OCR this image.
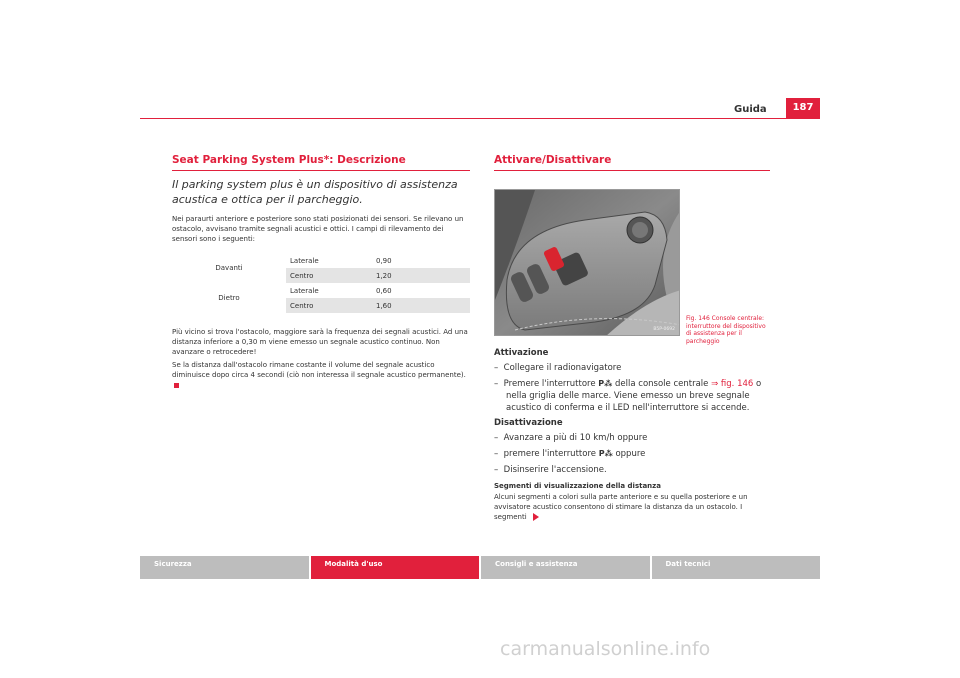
Guida	187
Seat Parking System Plus*: Descrizione
Il parking system plus è un dispositivo di assistenza acustica e ottica per il parcheggio.

Nei paraurti anteriore e posteriore sono stati posizionati dei sensori. Se rilevano un ostacolo, avvisano tramite segnali acustici e ottici. I campi di rilevamento dei sensori sono i seguenti:

Davanti	Laterale	0,90
	Centro	1,20
Dietro	Laterale	0,60
	Centro	1,60

Più vicino si trova l'ostacolo, maggiore sarà la frequenza dei segnali acustici. Ad una distanza inferiore a 0,30 m viene emesso un segnale acustico continuo. Non avanzare o retrocedere!

Se la distanza dall'ostacolo rimane costante il volume del segnale acustico diminuisce dopo circa 4 secondi (ciò non interessa il segnale acustico permanente).

Attivare/Disattivare
B5P-0692
Fig. 146 Console centrale: interruttore del dispositivo di assistenza per il parcheggio
Attivazione
– Collegare il radionavigatore
– Premere l'interruttore P⁂ della console centrale ⇒ fig. 146 o nella griglia delle marce. Viene emesso un breve segnale acustico di conferma e il LED nell'interruttore si accende.
Disattivazione
– Avanzare a più di 10 km/h oppure
– premere l'interruttore P⁂ oppure
– Disinserire l'accensione.
Segmenti di visualizzazione della distanza

Alcuni segmenti a colori sulla parte anteriore e su quella posteriore e un avvisatore acustico consentono di stimare la distanza da un ostacolo. I segmenti

Sicurezza	Modalità d'uso	Consigli e assistenza	Dati tecnici
carmanualsonline.info
